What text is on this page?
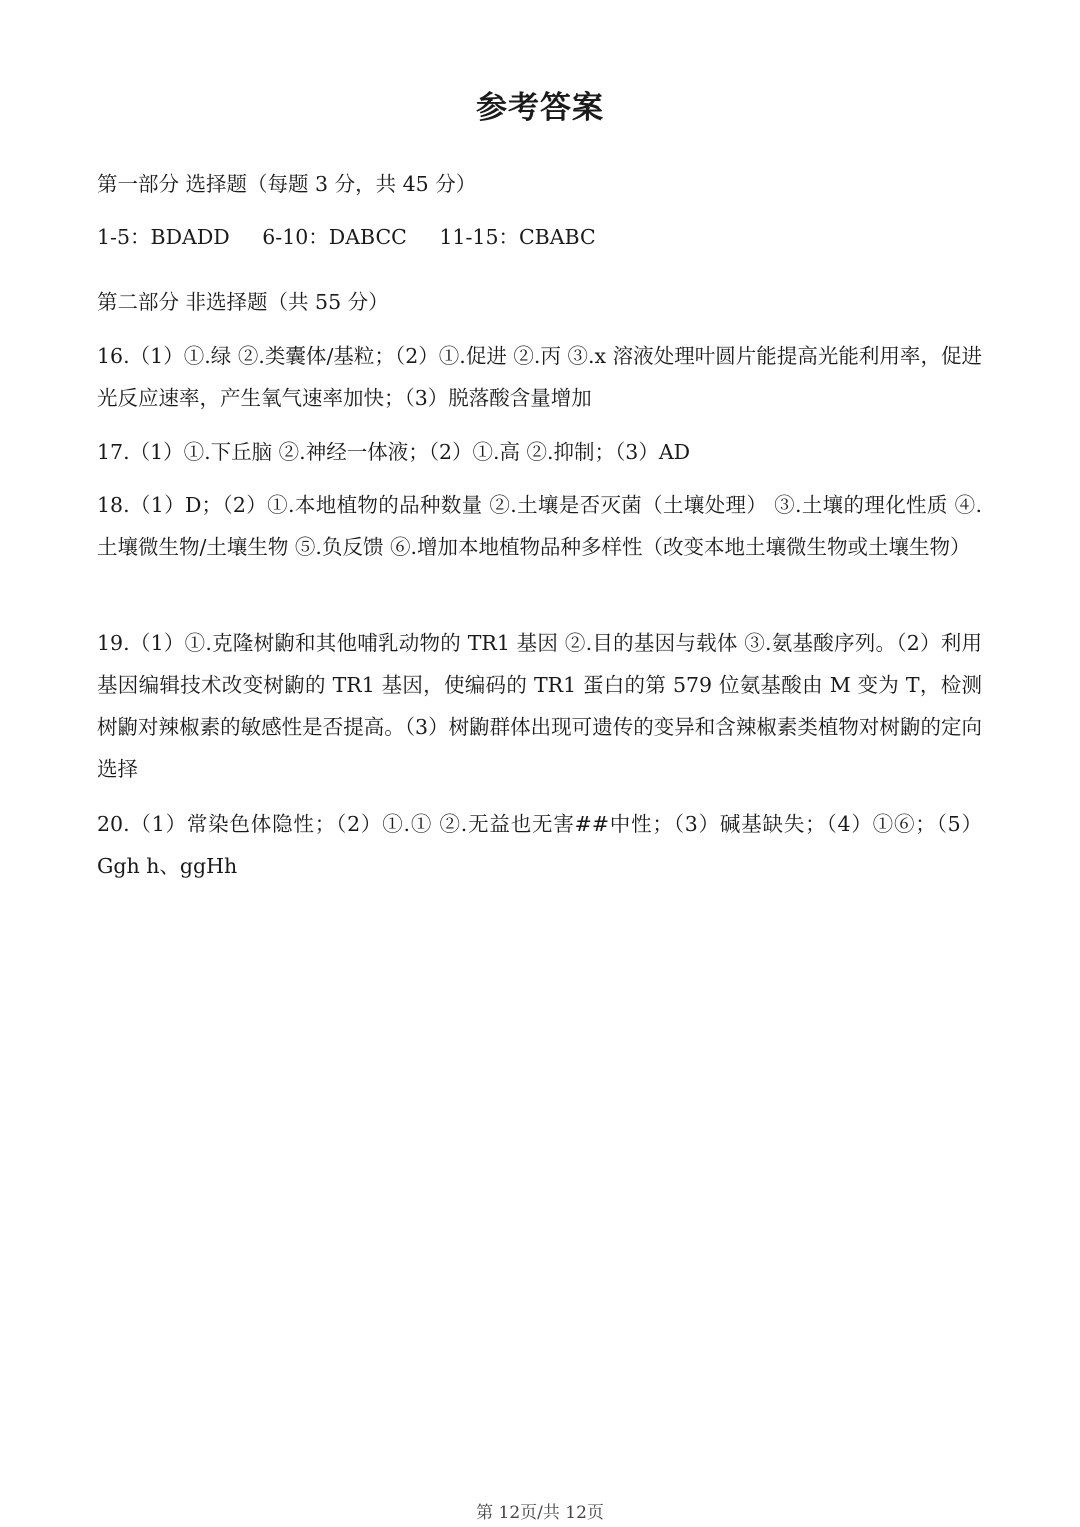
参考答案

第一部分 选择题（每题 3 分，共 45 分）

1-5：BDADD 6-10：DABCC 11-15：CBABC

第二部分 非选择题（共 55 分）

16.（1）①.绿 ②.类囊体/基粒；（2）①.促进 ②.丙 ③.x 溶液处理叶圆片能提高光能利用率，促进光反应速率，产生氧气速率加快；（3）脱落酸含量增加

17.（1）①.下丘脑 ②.神经一体液；（2）①.高 ②.抑制；（3）AD

18.（1）D；（2）①.本地植物的品种数量 ②.土壤是否灭菌（土壤处理） ③.土壤的理化性质 ④.土壤微生物/土壤生物 ⑤.负反馈 ⑥.增加本地植物品种多样性（改变本地土壤微生物或土壤生物）

19.（1）①.克隆树鼩和其他哺乳动物的 TR1 基因 ②.目的基因与载体 ③.氨基酸序列。（2）利用基因编辑技术改变树鼩的 TR1 基因，使编码的 TR1 蛋白的第 579 位氨基酸由 M 变为 T，检测树鼩对辣椒素的敏感性是否提高。（3）树鼩群体出现可遗传的变异和含辣椒素类植物对树鼩的定向选择

20.（1）常染色体隐性；（2）①.① ②.无益也无害##中性；（3）碱基缺失；（4）①⑥；（5）Ggh h、ggHh

第 12页/共 12页
